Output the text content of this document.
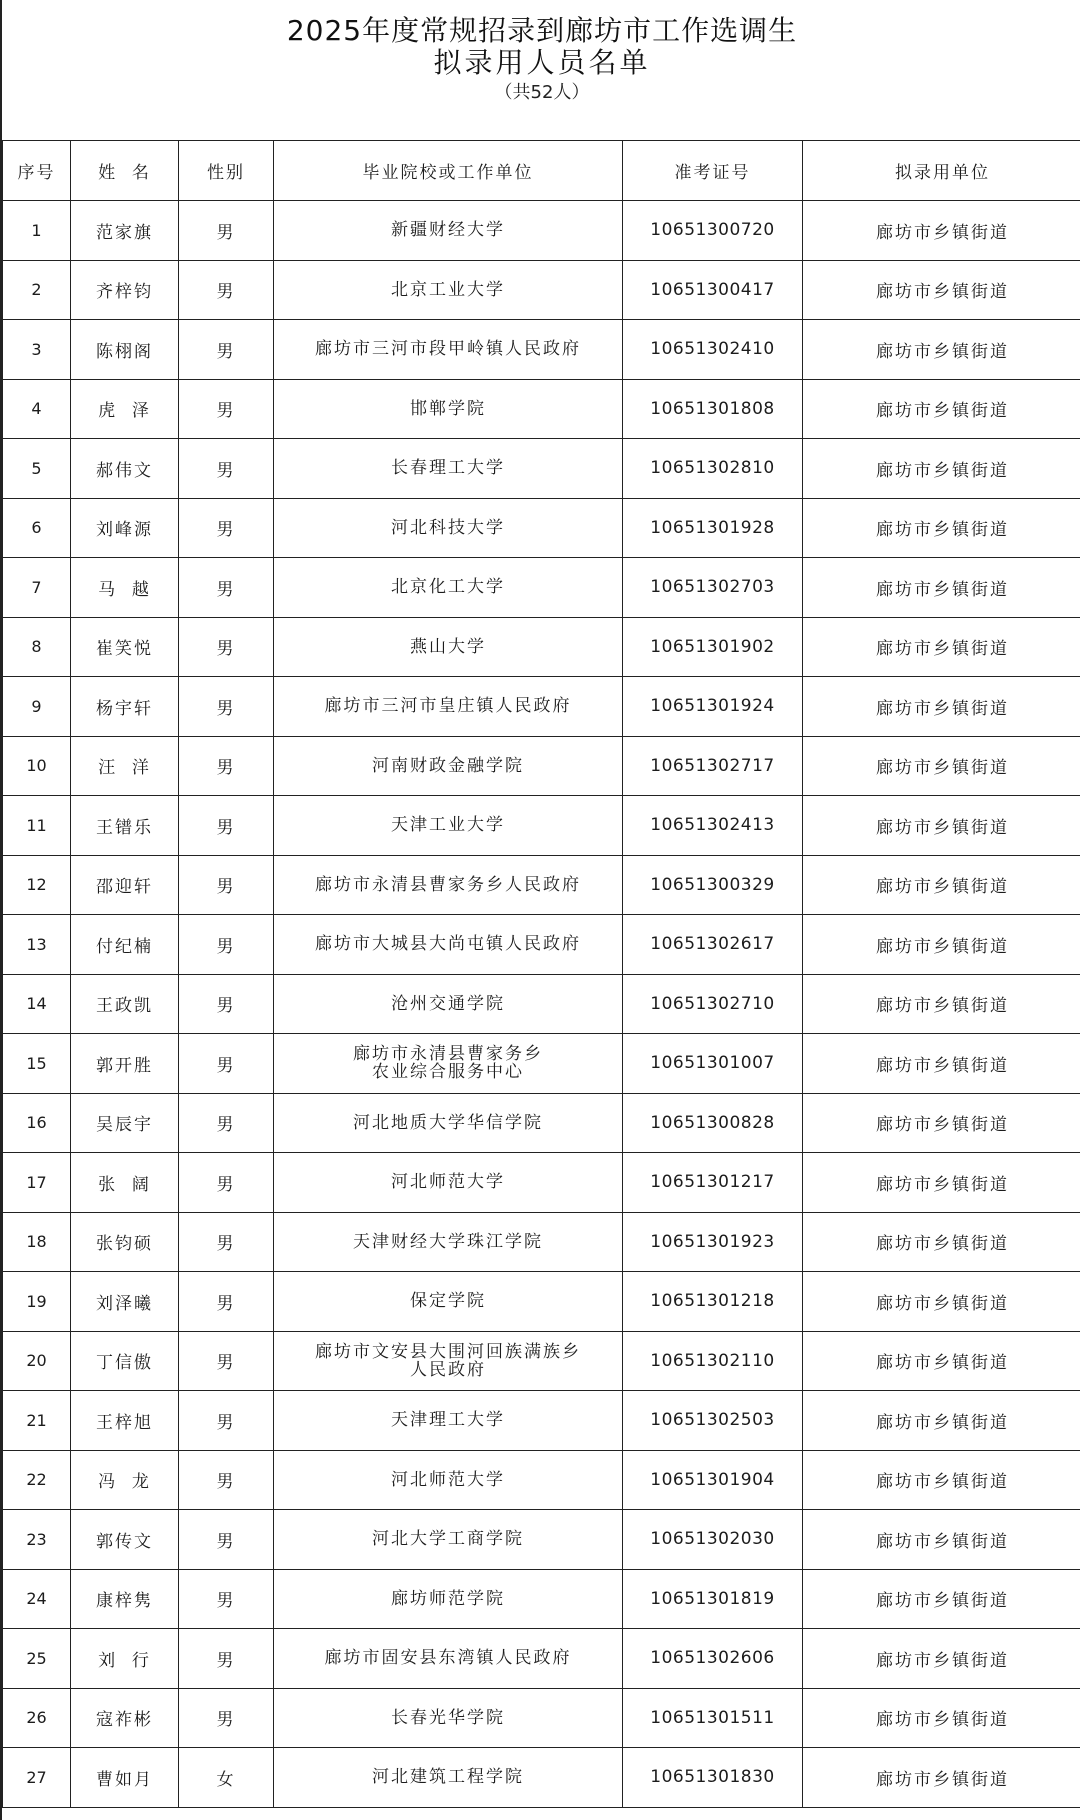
2025年度常规招录到廊坊市工作选调生
拟录用人员名单
（共52人）
序号	姓  名	性别	毕业院校或工作单位	准考证号	拟录用单位
1	范家旗	男	新疆财经大学	10651300720	廊坊市乡镇街道
2	齐梓钧	男	北京工业大学	10651300417	廊坊市乡镇街道
3	陈栩阁	男	廊坊市三河市段甲岭镇人民政府	10651302410	廊坊市乡镇街道
4	虎  泽	男	邯郸学院	10651301808	廊坊市乡镇街道
5	郝伟文	男	长春理工大学	10651302810	廊坊市乡镇街道
6	刘峰源	男	河北科技大学	10651301928	廊坊市乡镇街道
7	马  越	男	北京化工大学	10651302703	廊坊市乡镇街道
8	崔笑悦	男	燕山大学	10651301902	廊坊市乡镇街道
9	杨宇轩	男	廊坊市三河市皇庄镇人民政府	10651301924	廊坊市乡镇街道
10	汪  洋	男	河南财政金融学院	10651302717	廊坊市乡镇街道
11	王镨乐	男	天津工业大学	10651302413	廊坊市乡镇街道
12	邵迎轩	男	廊坊市永清县曹家务乡人民政府	10651300329	廊坊市乡镇街道
13	付纪楠	男	廊坊市大城县大尚屯镇人民政府	10651302617	廊坊市乡镇街道
14	王政凯	男	沧州交通学院	10651302710	廊坊市乡镇街道
15	郭开胜	男	廊坊市永清县曹家务乡
农业综合服务中心	10651301007	廊坊市乡镇街道
16	吴辰宇	男	河北地质大学华信学院	10651300828	廊坊市乡镇街道
17	张  阔	男	河北师范大学	10651301217	廊坊市乡镇街道
18	张钧硕	男	天津财经大学珠江学院	10651301923	廊坊市乡镇街道
19	刘泽曦	男	保定学院	10651301218	廊坊市乡镇街道
20	丁信傲	男	廊坊市文安县大围河回族满族乡
人民政府	10651302110	廊坊市乡镇街道
21	王梓旭	男	天津理工大学	10651302503	廊坊市乡镇街道
22	冯  龙	男	河北师范大学	10651301904	廊坊市乡镇街道
23	郭传文	男	河北大学工商学院	10651302030	廊坊市乡镇街道
24	康梓隽	男	廊坊师范学院	10651301819	廊坊市乡镇街道
25	刘  行	男	廊坊市固安县东湾镇人民政府	10651302606	廊坊市乡镇街道
26	寇祚彬	男	长春光华学院	10651301511	廊坊市乡镇街道
27	曹如月	女	河北建筑工程学院	10651301830	廊坊市乡镇街道
